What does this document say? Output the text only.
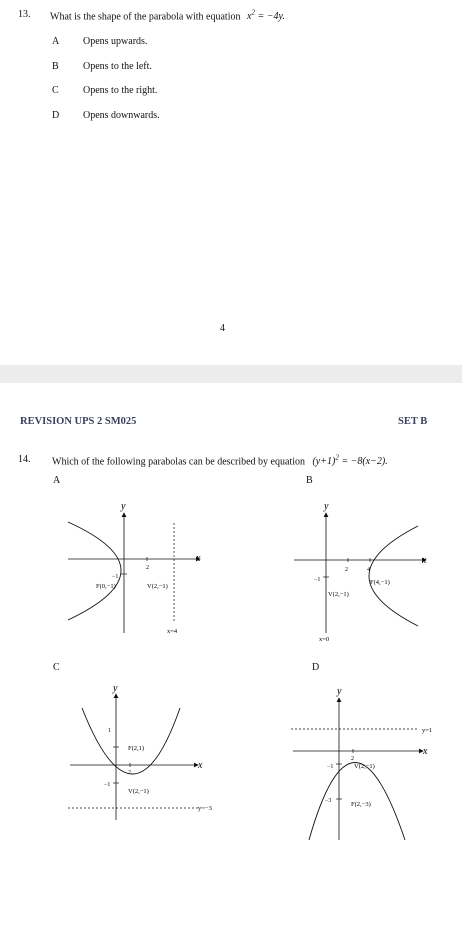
13. What is the shape of the parabola with equation $x^2 = -4y$.
A Opens upwards.
B Opens to the left.
C Opens to the right.
D Opens downwards.
4
REVISION UPS 2 SM025	SET B
14. Which of the following parabolas can be described by equation $(y+1)^2 = -8(x-2)$.
A	B
C	D
x
y
2
−1
F(0,−1)	V(2,−1)
x=4
x
y
2	4
−1	F(4,−1)
V(2,−1)
x=0
x
y
1
2
−1
F(2,1)
V(2,−1)
y=−3
x
y
y=1
2
−1	V(2,−1)
−3	F(2,−3)
